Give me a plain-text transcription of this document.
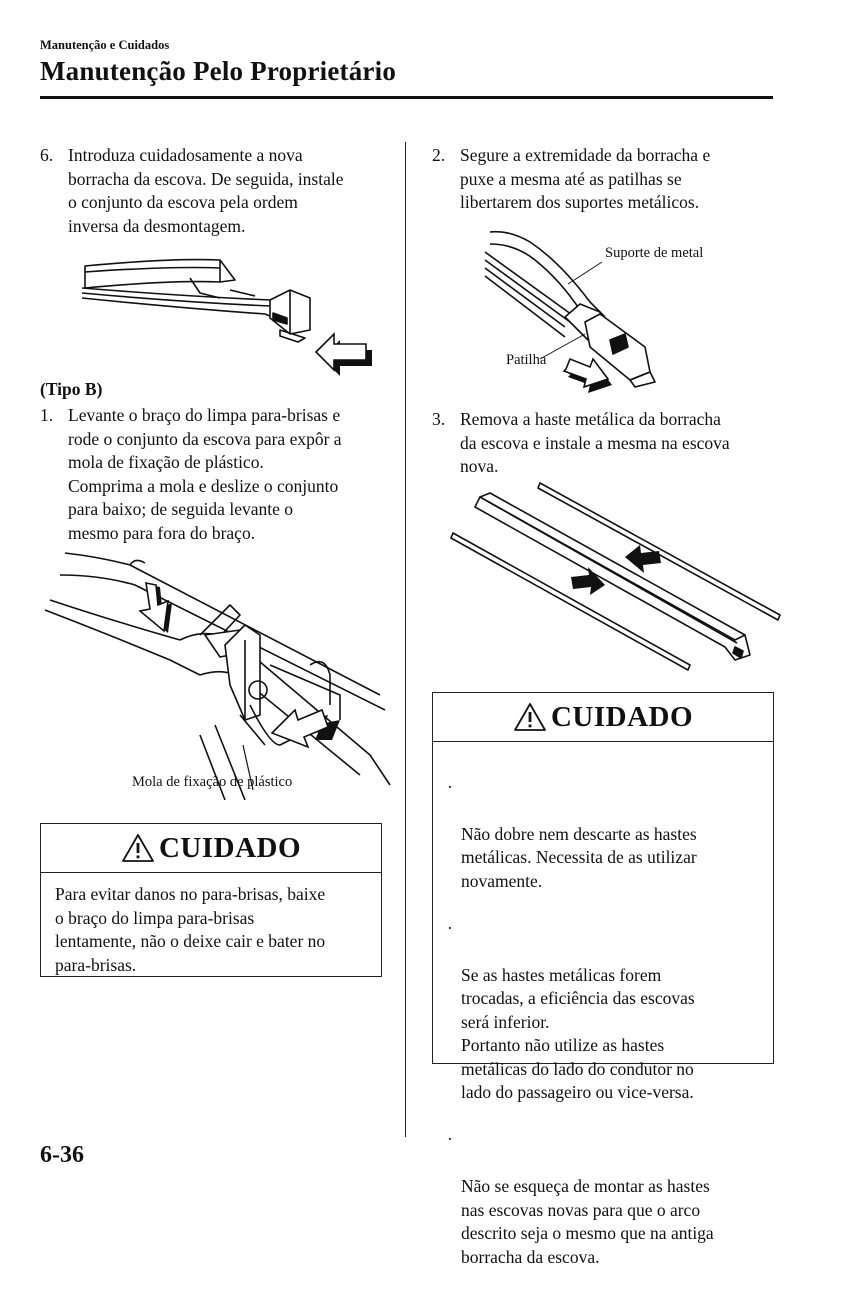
Manutenção e Cuidados
Manutenção Pelo Proprietário
6. Introduza cuidadosamente a nova
borracha da escova. De seguida, instale
o conjunto da escova pela ordem
inversa da desmontagem.
(Tipo B)
1. Levante o braço do limpa para-brisas e
rode o conjunto da escova para expôr a
mola de fixação de plástico.
Comprima a mola e deslize o conjunto
para baixo; de seguida levante o
mesmo para fora do braço.
Mola de fixação de plástico
CUIDADO
Para evitar danos no para-brisas, baixe
o braço do limpa para-brisas
lentamente, não o deixe cair e bater no
para-brisas.
2. Segure a extremidade da borracha e
puxe a mesma até as patilhas se
libertarem dos suportes metálicos.
Suporte de metal
Patilha
3. Remova a haste metálica da borracha
da escova e instale a mesma na escova
nova.
CUIDADO

·

Não dobre nem descarte as hastes
metálicas. Necessita de as utilizar
novamente.

·

Se as hastes metálicas forem
trocadas, a eficiência das escovas
será inferior.
Portanto não utilize as hastes
metálicas do lado do condutor no
lado do passageiro ou vice-versa.

·

Não se esqueça de montar as hastes
nas escovas novas para que o arco
descrito seja o mesmo que na antiga
borracha da escova.

6-36
